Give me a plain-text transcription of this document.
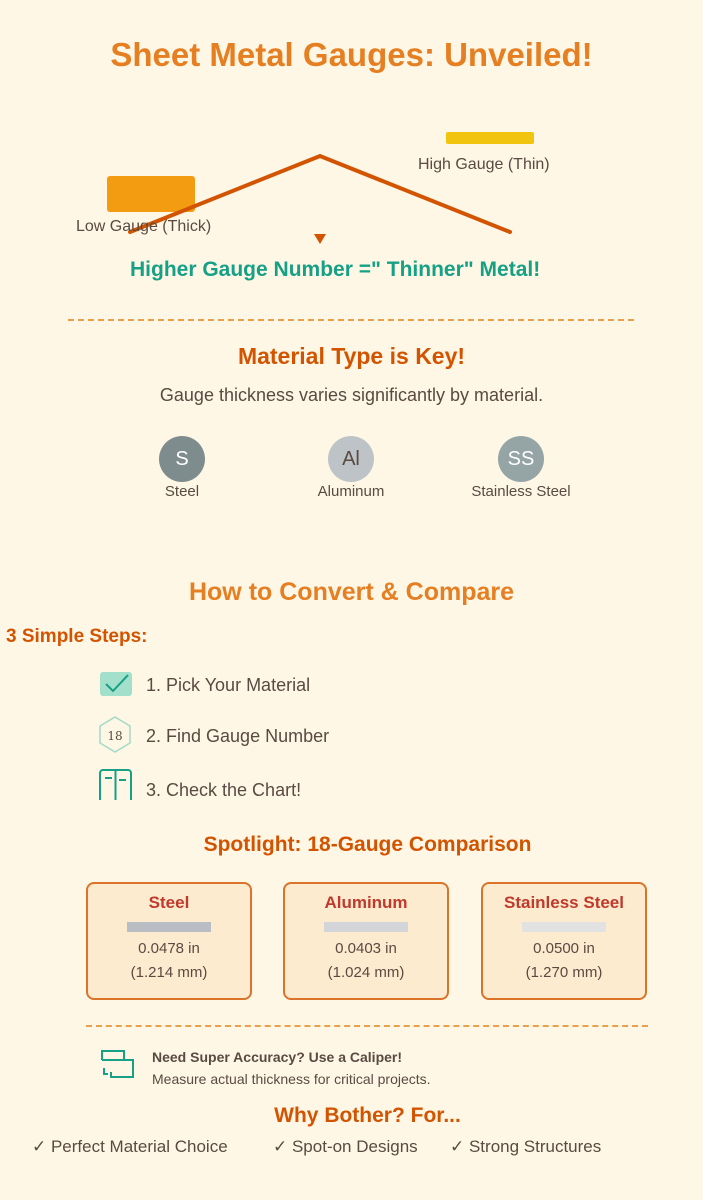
Sheet Metal Gauges: Unveiled!
Low Gauge (Thick)
High Gauge (Thin)
Higher Gauge Number =" Thinner" Metal!
Material Type is Key!
Gauge thickness varies significantly by material.
S	Al	SS
Steel	Aluminum	Stainless Steel
How to Convert & Compare
3 Simple Steps:
18
1. Pick Your Material
2. Find Gauge Number
3. Check the Chart!
Spotlight: 18-Gauge Comparison
Steel
0.0478 in
(1.214 mm)
Aluminum
0.0403 in
(1.024 mm)
Stainless Steel
0.0500 in
(1.270 mm)
Need Super Accuracy? Use a Caliper!
Measure actual thickness for critical projects.
Why Bother? For...
✓ Perfect Material Choice	✓ Spot-on Designs ✓ Strong Structures
